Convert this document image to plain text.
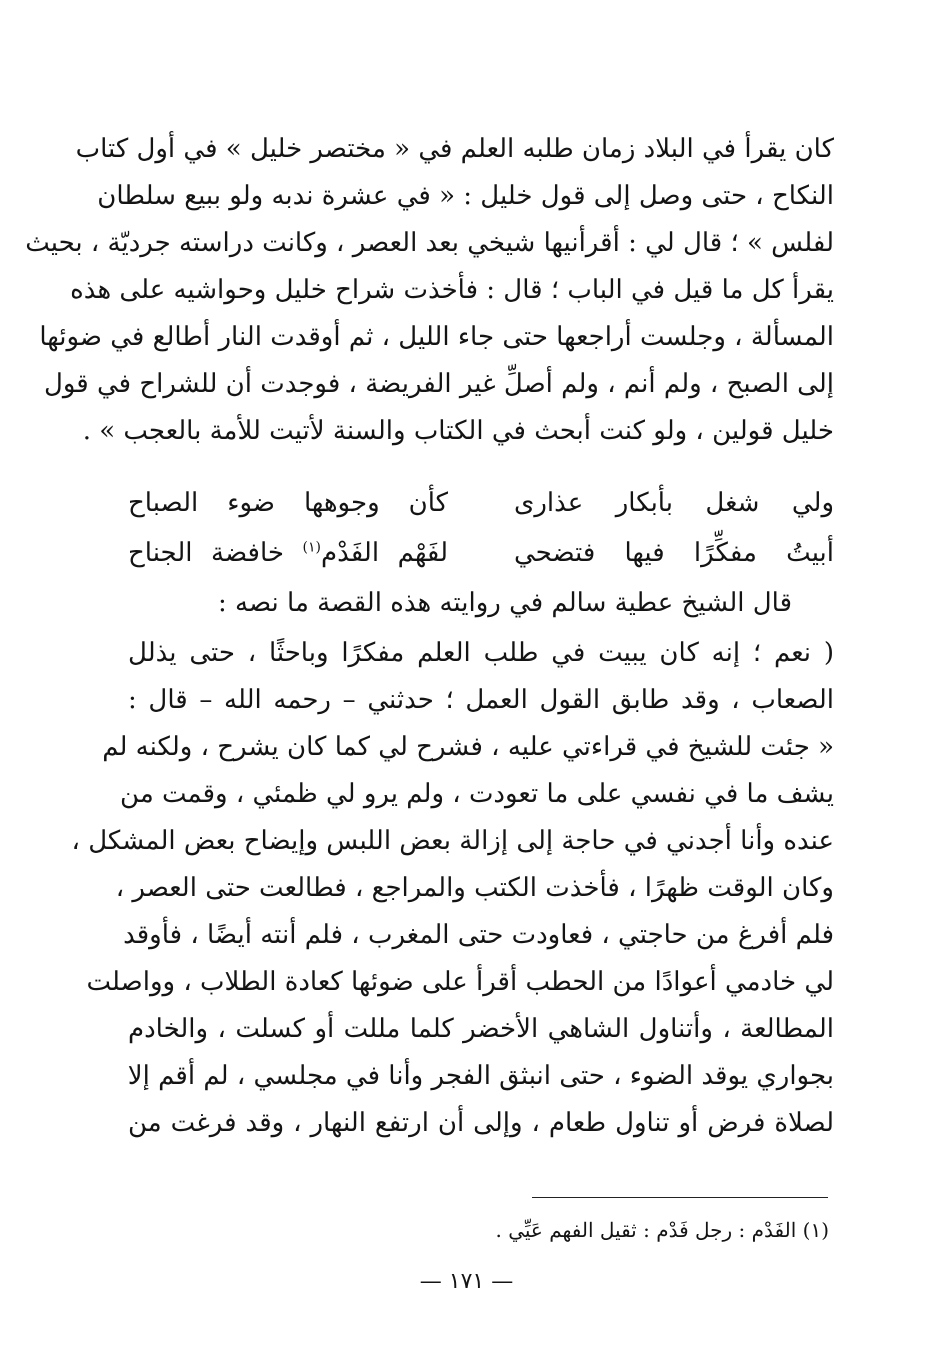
كان يقرأ في البلاد زمان طلبه العلم في « مختصر خليل » في أول كتاب
النكاح ، حتى وصل إلى قول خليل : « في عشرة ندبه ولو ببيع سلطان
لفلس » ؛ قال لي : أقرأنيها شيخي بعد العصر ، وكانت دراسته جرديّة ، بحيث
يقرأ كل ما قيل في الباب ؛ قال : فأخذت شراح خليل وحواشيه على هذه
المسألة ، وجلست أراجعها حتى جاء الليل ، ثم أوقدت النار أطالع في ضوئها
إلى الصبح ، ولم أنم ، ولم أصلِّ غير الفريضة ، فوجدت أن للشراح في قول
خليل قولين ، ولو كنت أبحث في الكتاب والسنة لأتيت للأمة بالعجب » .
ولي شغل بأبكار عذارى
كأن وجوهها ضوء الصباح
أبيتُ مفكِّرًا فيها فتضحي
لفَهْم الفَدْم$^{(١)}$ خافضة الجناح
قال الشيخ عطية سالم في روايته هذه القصة ما نصه :
( نعم ؛ إنه كان يبيت في طلب العلم مفكرًا وباحثًا ، حتى يذلل
الصعاب ، وقد طابق القول العمل ؛ حدثني – رحمه الله – قال :
« جئت للشيخ في قراءتي عليه ، فشرح لي كما كان يشرح ، ولكنه لم
يشف ما في نفسي على ما تعودت ، ولم يرو لي ظمئي ، وقمت من
عنده وأنا أجدني في حاجة إلى إزالة بعض اللبس وإيضاح بعض المشكل ،
وكان الوقت ظهرًا ، فأخذت الكتب والمراجع ، فطالعت حتى العصر ،
فلم أفرغ من حاجتي ، فعاودت حتى المغرب ، فلم أنته أيضًا ، فأوقد
لي خادمي أعوادًا من الحطب أقرأ على ضوئها كعادة الطلاب ، وواصلت
المطالعة ، وأتناول الشاهي الأخضر كلما مللت أو كسلت ، والخادم
بجواري يوقد الضوء ، حتى انبثق الفجر وأنا في مجلسي ، لم أقم إلا
لصلاة فرض أو تناول طعام ، وإلى أن ارتفع النهار ، وقد فرغت من
(١) الفَدْم : رجل فَدْم : ثقيل الفهم عَيِّي .
— ١٧١ —
